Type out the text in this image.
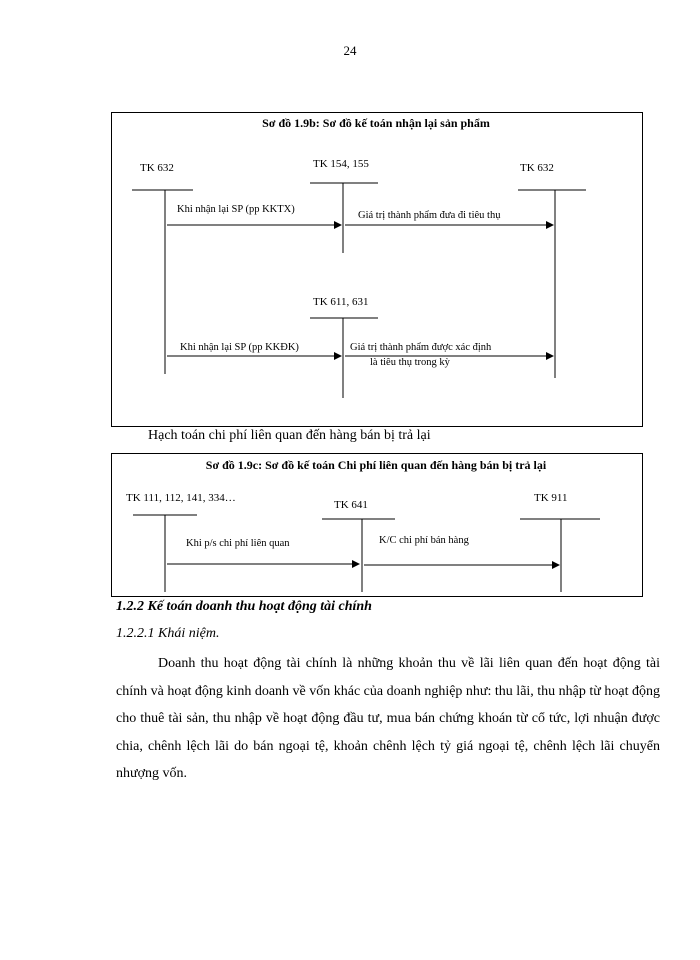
24
Sơ đồ 1.9b: Sơ đồ kế toán nhận lại sản phẩm
TK 632	TK 154, 155	TK 632
TK 611, 631
Khi nhận lại SP (pp KKTX)
Giá trị thành phẩm đưa đi tiêu thụ
Khi nhận lại SP (pp KKĐK)	Giá trị thành phẩm được xác định
là tiêu thụ trong kỳ
Hạch toán chi phí liên quan đến hàng bán bị trả lại
Sơ đồ 1.9c: Sơ đồ kế toán Chi phí liên quan đến hàng bán bị trả lại
TK 111, 112, 141, 334…
TK 641
TK 911
Khi p/s chi phí liên quan	K/C chi phí bán hàng
1.2.2 Kế toán doanh thu hoạt động tài chính
1.2.2.1 Khái niệm.

Doanh thu hoạt động tài chính là những khoản thu về lãi liên quan đến hoạt động tài chính và hoạt động kinh doanh về vốn khác của doanh nghiệp như: thu lãi, thu nhập từ hoạt động cho thuê tài sản, thu nhập về hoạt động đầu tư, mua bán chứng khoán từ cổ tức, lợi nhuận được chia, chênh lệch lãi do bán ngoại tệ, khoản chênh lệch tỷ giá ngoại tệ, chênh lệch lãi chuyển nhượng vốn.
